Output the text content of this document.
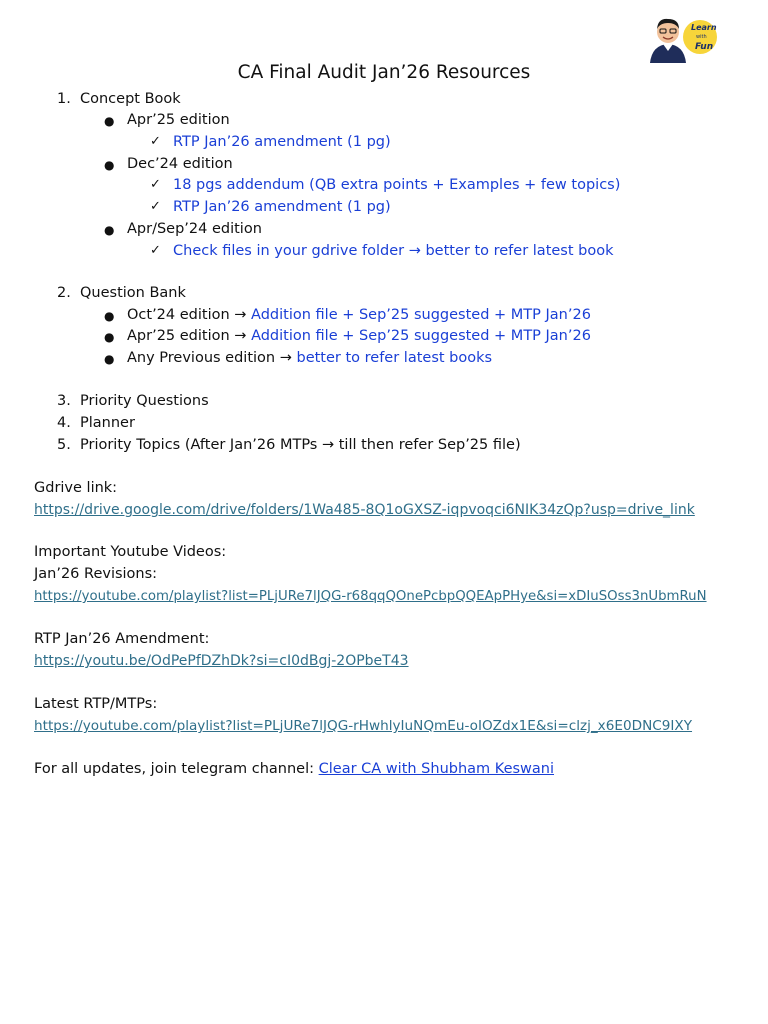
Learn
with
Fun
CA Final Audit Jan’26 Resources
1. Concept Book
● Apr’25 edition
✓ RTP Jan’26 amendment (1 pg)
● Dec’24 edition
✓ 18 pgs addendum (QB extra points + Examples + few topics)
✓ RTP Jan’26 amendment (1 pg)
● Apr/Sep’24 edition
✓ Check files in your gdrive folder → better to refer latest book
2. Question Bank
● Oct’24 edition → Addition file + Sep’25 suggested + MTP Jan’26
● Apr’25 edition → Addition file + Sep’25 suggested + MTP Jan’26
● Any Previous edition → better to refer latest books
3. Priority Questions
4. Planner
5. Priority Topics (After Jan’26 MTPs → till then refer Sep’25 file)
Gdrive link:
https://drive.google.com/drive/folders/1Wa485-8Q1oGXSZ-iqpvoqci6NIK34zQp?usp=drive_link
Important Youtube Videos:
Jan’26 Revisions:
https://youtube.com/playlist?list=PLjURe7lJQG-r68qqQOnePcbpQQEApPHye&si=xDIuSOss3nUbmRuN
RTP Jan’26 Amendment:
https://youtu.be/OdPePfDZhDk?si=cI0dBgj-2OPbeT43
Latest RTP/MTPs:
https://youtube.com/playlist?list=PLjURe7lJQG-rHwhlyIuNQmEu-oIOZdx1E&si=clzj_x6E0DNC9IXY
For all updates, join telegram channel: Clear CA with Shubham Keswani
